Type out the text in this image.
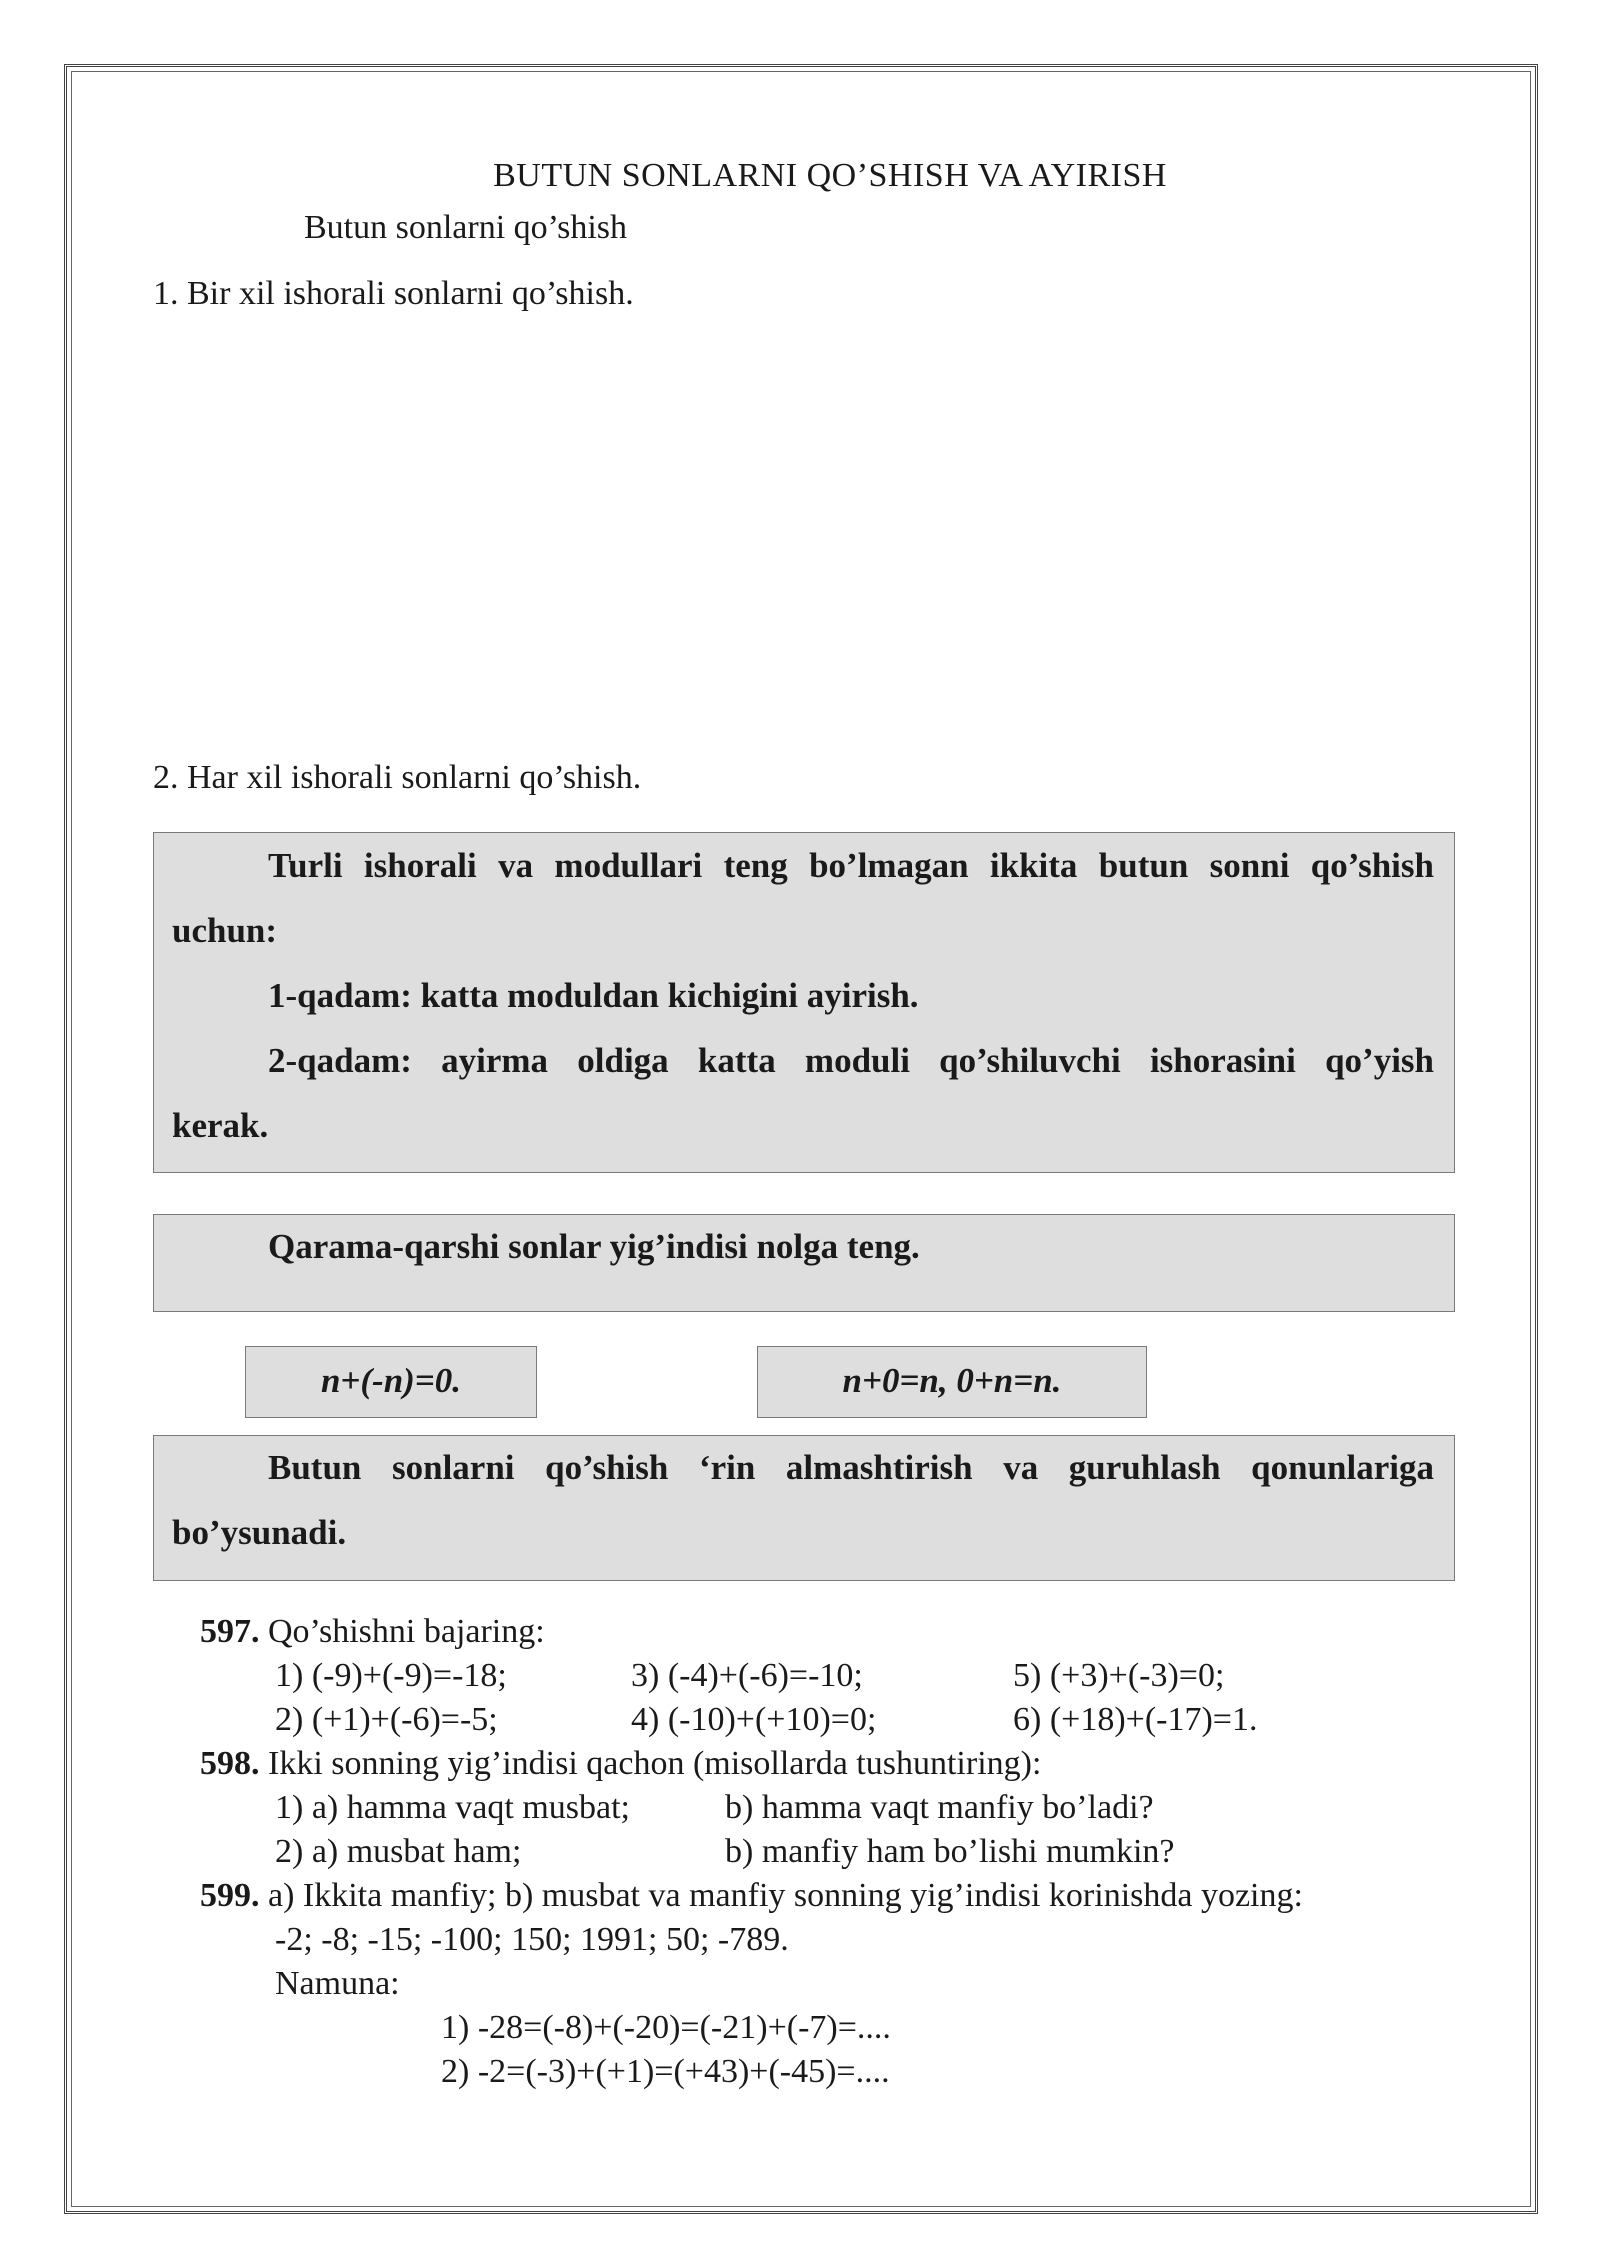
BUTUN SONLARNI QO’SHISH VA AYIRISH
Butun sonlarni qo’shish
1. Bir xil ishorali sonlarni qo’shish.
2. Har xil ishorali sonlarni qo’shish.

Turli ishorali va modullari teng bo’lmagan ikkita butun sonni qo’shish

uchun:

1-qadam: katta moduldan kichigini ayirish.

2-qadam: ayirma oldiga katta moduli qo’shiluvchi ishorasini qo’yish

kerak.

Qarama-qarshi sonlar yig’indisi nolga teng.

n+(-n)=0.	n+0=n, 0+n=n.

Butun sonlarni qo’shish ‘rin almashtirish va guruhlash qonunlariga

bo’ysunadi.

597. Qo’shishni bajaring:
1) (-9)+(-9)=-18;	3) (-4)+(-6)=-10;	5) (+3)+(-3)=0;
2) (+1)+(-6)=-5;	4) (-10)+(+10)=0;	6) (+18)+(-17)=1.
598. Ikki sonning yig’indisi qachon (misollarda tushuntiring):
1) a) hamma vaqt musbat;	b) hamma vaqt manfiy bo’ladi?
2) a) musbat ham;	b) manfiy ham bo’lishi mumkin?
599. a) Ikkita manfiy; b) musbat va manfiy sonning yig’indisi korinishda yozing:
-2; -8; -15; -100; 150; 1991; 50; -789.
Namuna:
1) -28=(-8)+(-20)=(-21)+(-7)=....
2) -2=(-3)+(+1)=(+43)+(-45)=....
